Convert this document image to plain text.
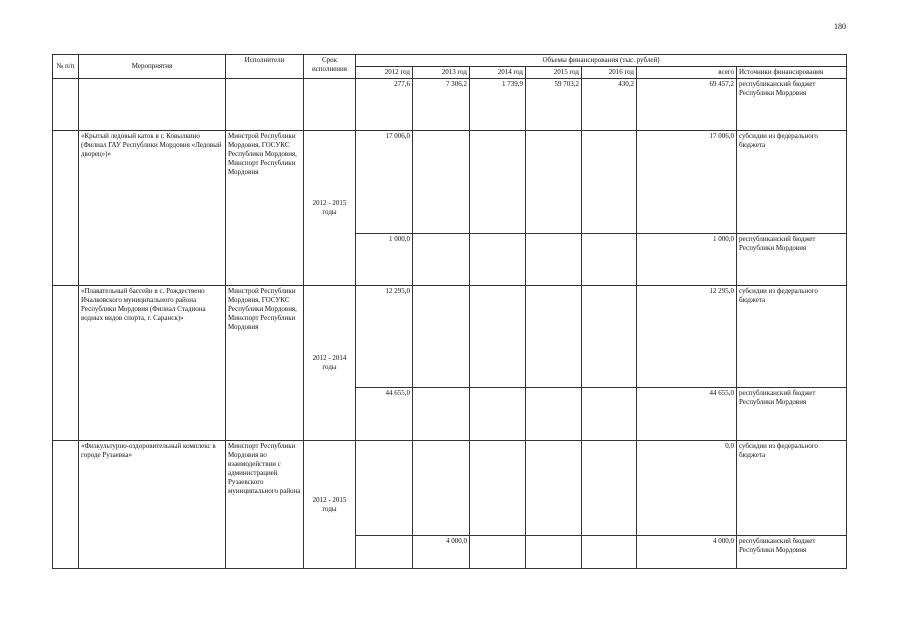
180
№ п/п	Мероприятия	Исполнители	Срок исполнения	Объемы финансирования (тыс. рублей)						
				2012 год	2013 год	2014 год	2015 год	2016 год	всего	Источники финансирования
				277,6	7 306,2	1 739,9	59 703,2	430,2	69 457,2	республиканский бюджет Республики Мордовия
	«Крытый ледовый каток в г. Ковылкино (Филиал ГАУ Республики Мордовия «Ледовый дворец»)»	Минстрой Республики Мордовия, ГОСУКС Республики Мордовия, Минспорт Республики Мордовия	2012 - 2015 годы	17 006,0					17 006,0	субсидии из федерального бюджета
				1 000,0					1 000,0	республиканский бюджет Республики Мордовия
	«Плавательный бассейн в с. Рождествено Ичалковского муниципального района Республики Мордовия (Филиал Стадиона водных видов спорта, г. Саранск)»	Минстрой Республики Мордовия, ГОСУКС Республики Мордовия, Минспорт Республики Мордовия	2012 - 2014 годы	12 295,0					12 295,0	субсидии из федерального бюджета
				44 655,0					44 655,0	республиканский бюджет Республики Мордовия
	«Физкультурно-оздоровительный комплекс в городе Рузаевка»	Минспорт Республики Мордовия во взаимодействии с администрацией Рузаевского муниципального района	2012 - 2015 годы						0,0	субсидии из федерального бюджета
					4 000,0				4 000,0	республиканский бюджет Республики Мордовия
